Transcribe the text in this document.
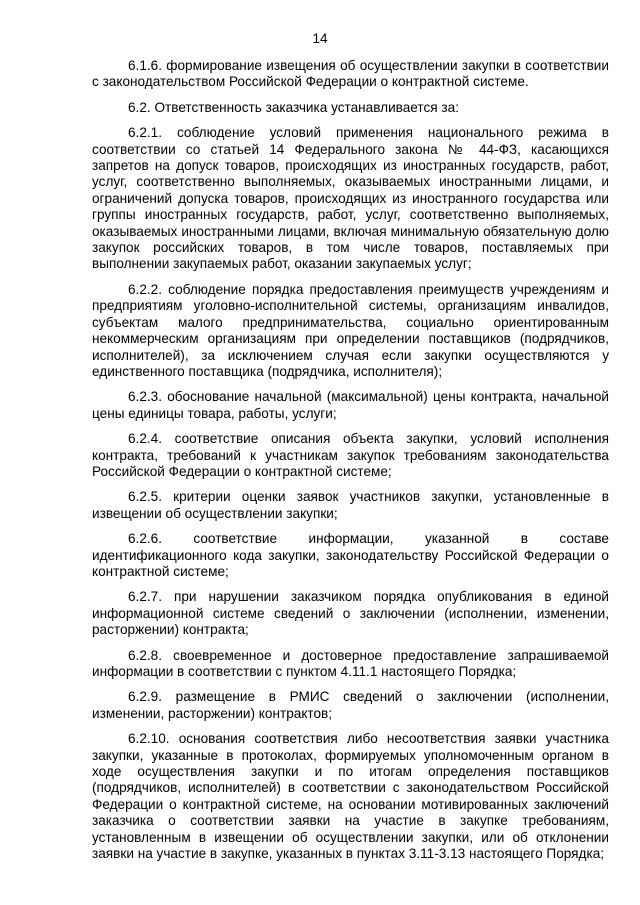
14

6.1.6. формирование извещения об осуществлении закупки в соответствии с законодательством Российской Федерации о контрактной системе.

6.2. Ответственность заказчика устанавливается за:

6.2.1. соблюдение условий применения национального режима в соответствии со статьей 14 Федерального закона № 44-ФЗ, касающихся запретов на допуск товаров, происходящих из иностранных государств, работ, услуг, соответственно выполняемых, оказываемых иностранными лицами, и ограничений допуска товаров, происходящих из иностранного государства или группы иностранных государств, работ, услуг, соответственно выполняемых, оказываемых иностранными лицами, включая минимальную обязательную долю закупок российских товаров, в том числе товаров, поставляемых при выполнении закупаемых работ, оказании закупаемых услуг;

6.2.2. соблюдение порядка предоставления преимуществ учреждениям и предприятиям уголовно-исполнительной системы, организациям инвалидов, субъектам малого предпринимательства, социально ориентированным некоммерческим организациям при определении поставщиков (подрядчиков, исполнителей), за исключением случая если закупки осуществляются у единственного поставщика (подрядчика, исполнителя);

6.2.3. обоснование начальной (максимальной) цены контракта, начальной цены единицы товара, работы, услуги;

6.2.4. соответствие описания объекта закупки, условий исполнения контракта, требований к участникам закупок требованиям законодательства Российской Федерации о контрактной системе;

6.2.5. критерии оценки заявок участников закупки, установленные в извещении об осуществлении закупки;

6.2.6. соответствие информации, указанной в составе идентификационного кода закупки, законодательству Российской Федерации о контрактной системе;

6.2.7. при нарушении заказчиком порядка опубликования в единой информационной системе сведений о заключении (исполнении, изменении, расторжении) контракта;

6.2.8. своевременное и достоверное предоставление запрашиваемой информации в соответствии с пунктом 4.11.1 настоящего Порядка;

6.2.9. размещение в РМИС сведений о заключении (исполнении, изменении, расторжении) контрактов;

6.2.10. основания соответствия либо несоответствия заявки участника закупки, указанные в протоколах, формируемых уполномоченным органом в ходе осуществления закупки и по итогам определения поставщиков (подрядчиков, исполнителей) в соответствии с законодательством Российской Федерации о контрактной системе, на основании мотивированных заключений заказчика о соответствии заявки на участие в закупке требованиям, установленным в извещении об осуществлении закупки, или об отклонении заявки на участие в закупке, указанных в пунктах 3.11-3.13 настоящего Порядка;
